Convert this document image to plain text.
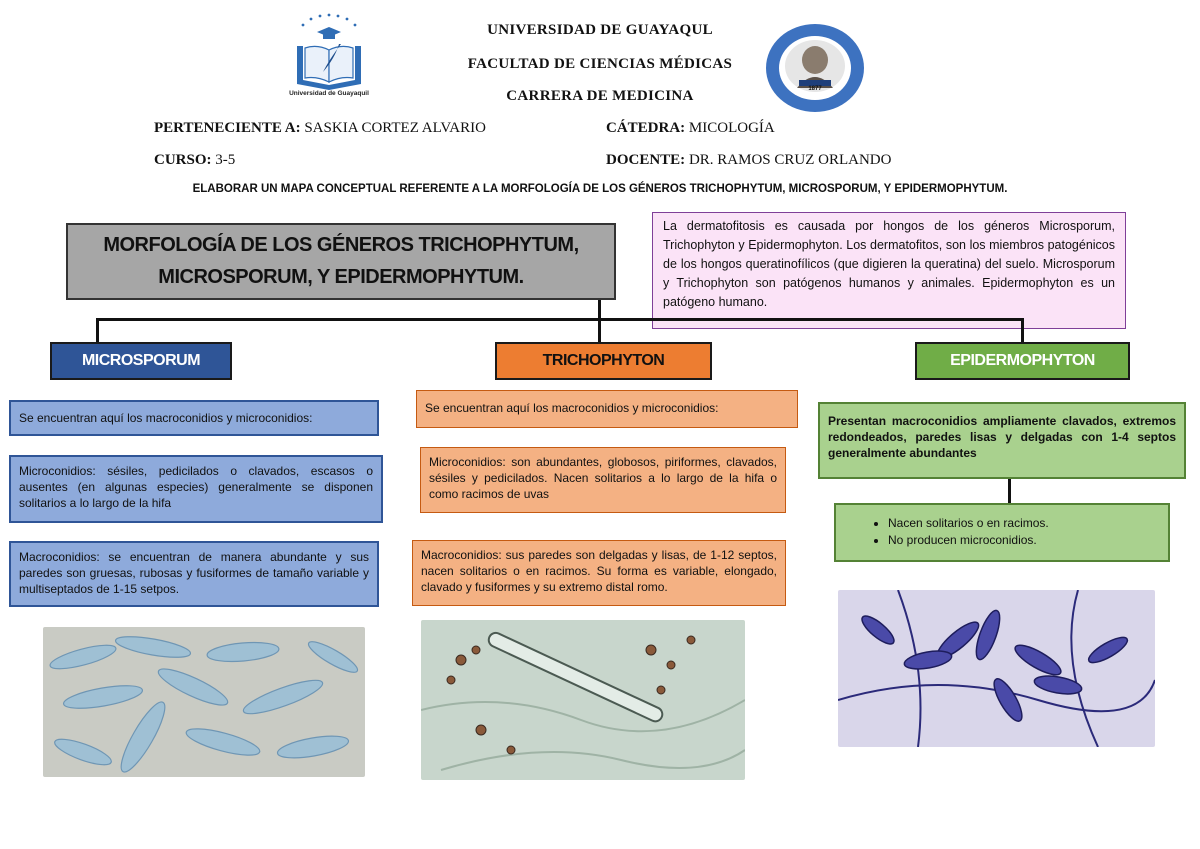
Universidad de Guayaquil
1877
UNIVERSIDAD DE GUAYAQUL
FACULTAD DE CIENCIAS MÉDICAS
CARRERA DE MEDICINA
PERTENECIENTE A: SASKIA CORTEZ ALVARIO	CÁTEDRA: MICOLOGÍA
CURSO: 3-5	DOCENTE: DR. RAMOS CRUZ ORLANDO
ELABORAR UN MAPA CONCEPTUAL REFERENTE A LA MORFOLOGÍA DE LOS GÉNEROS TRICHOPHYTUM, MICROSPORUM, Y EPIDERMOPHYTUM.
MORFOLOGÍA DE LOS GÉNEROS TRICHOPHYTUM,
MICROSPORUM, Y EPIDERMOPHYTUM.
La dermatofitosis es causada por hongos de los géneros Microsporum, Trichophyton y Epidermophyton. Los dermatofitos, son los miembros patogénicos de los hongos queratinofílicos (que digieren la queratina) del suelo. Microsporum y Trichophyton son patógenos humanos y animales. Epidermophyton es un patógeno humano.
MICROSPORUM
Se encuentran aquí los macroconidios y microconidios:
Microconidios: sésiles, pedicilados o clavados, escasos o ausentes (en algunas especies) generalmente se disponen solitarios a lo largo de la hifa
Macroconidios: se encuentran de manera abundante y sus paredes son gruesas, rubosas y fusiformes de tamaño variable y multiseptados de 1-15 setpos.
TRICHOPHYTON
Se encuentran aquí los macroconidios y microconidios:
Microconidios: son abundantes, globosos, piriformes, clavados, sésiles y pedicilados. Nacen solitarios a lo largo de la hifa o como racimos de uvas
Macroconidios: sus paredes son delgadas y lisas, de 1-12 septos, nacen solitarios o en racimos. Su forma es variable, elongado, clavado y fusiformes y su extremo distal romo.
EPIDERMOPHYTON
Presentan macroconidios ampliamente clavados, extremos redondeados, paredes lisas y delgadas con 1-4 septos generalmente abundantes
• Nacen solitarios o en racimos.
• No producen microconidios.
